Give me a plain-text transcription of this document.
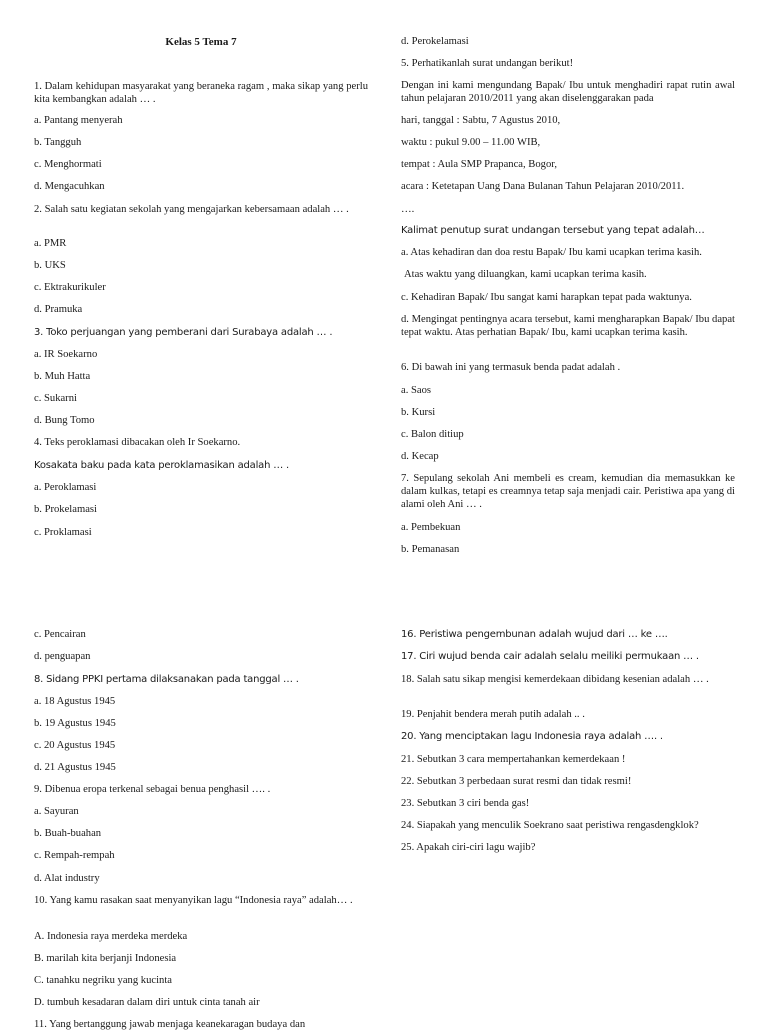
Kelas 5 Tema 7
1. Dalam kehidupan masyarakat yang beraneka ragam , maka sikap yang perlu kita kembangkan adalah … .
a. Pantang menyerah
b. Tangguh
c. Menghormati
d. Mengacuhkan
2. Salah satu kegiatan sekolah yang mengajarkan kebersamaan adalah … .
a. PMR
b. UKS
c. Ektrakurikuler
d. Pramuka
3. Toko perjuangan yang pemberani dari Surabaya adalah … .
a. IR Soekarno
b. Muh Hatta
c. Sukarni
d. Bung Tomo
4. Teks peroklamasi dibacakan oleh Ir Soekarno.
Kosakata baku pada kata peroklamasikan adalah … .
a. Peroklamasi
b. Prokelamasi
c. Proklamasi
d. Perokelamasi
5. Perhatikanlah surat undangan berikut!
Dengan ini kami mengundang Bapak/ Ibu untuk menghadiri rapat rutin awal tahun pelajaran 2010/2011 yang akan diselenggarakan pada
hari, tanggal : Sabtu, 7 Agustus 2010,
waktu : pukul 9.00 – 11.00 WIB,
tempat : Aula SMP Prapanca, Bogor,
acara : Ketetapan Uang Dana Bulanan Tahun Pelajaran 2010/2011.
….
Kalimat penutup surat undangan tersebut yang tepat adalah…
a. Atas kehadiran dan doa restu Bapak/ Ibu kami ucapkan terima kasih.
Atas waktu yang diluangkan, kami ucapkan terima kasih.
c. Kehadiran Bapak/ Ibu sangat kami harapkan tepat pada waktunya.
d. Mengingat pentingnya acara tersebut, kami mengharapkan Bapak/ Ibu dapat tepat waktu. Atas perhatian Bapak/ Ibu, kami ucapkan terima kasih.
6. Di bawah ini yang termasuk benda padat adalah .
a. Saos
b. Kursi
c. Balon ditiup
d. Kecap
7. Sepulang sekolah Ani membeli es cream, kemudian dia memasukkan ke dalam kulkas, tetapi es creamnya tetap saja menjadi cair. Peristiwa apa yang di alami oleh Ani … .
a. Pembekuan
b. Pemanasan
c. Pencairan
d. penguapan
8. Sidang PPKI pertama dilaksanakan pada tanggal … .
a. 18 Agustus 1945
b. 19 Agustus 1945
c. 20 Agustus 1945
d. 21 Agustus 1945
9. Dibenua eropa terkenal sebagai benua penghasil …. .
a. Sayuran
b. Buah-buahan
c. Rempah-rempah
d. Alat industry
10. Yang kamu rasakan saat menyanyikan lagu “Indonesia raya” adalah… .
A. Indonesia raya merdeka merdeka
B. marilah kita berjanji Indonesia
C. tanahku negriku yang kucinta
D. tumbuh kesadaran dalam diri untuk cinta tanah air
11. Yang bertanggung jawab menjaga keanekaragan budaya dan
16. Peristiwa pengembunan adalah wujud dari … ke ….
17. Ciri wujud benda cair adalah selalu meiliki permukaan … .
18. Salah satu sikap mengisi kemerdekaan dibidang kesenian adalah … .
19. Penjahit bendera merah putih adalah .. .
20. Yang menciptakan lagu Indonesia raya adalah …. .
21. Sebutkan 3 cara mempertahankan kemerdekaan !
22. Sebutkan 3 perbedaan surat resmi dan tidak resmi!
23. Sebutkan 3 ciri benda gas!
24. Siapakah yang menculik Soekrano saat peristiwa rengasdengklok?
25. Apakah ciri-ciri lagu wajib?
